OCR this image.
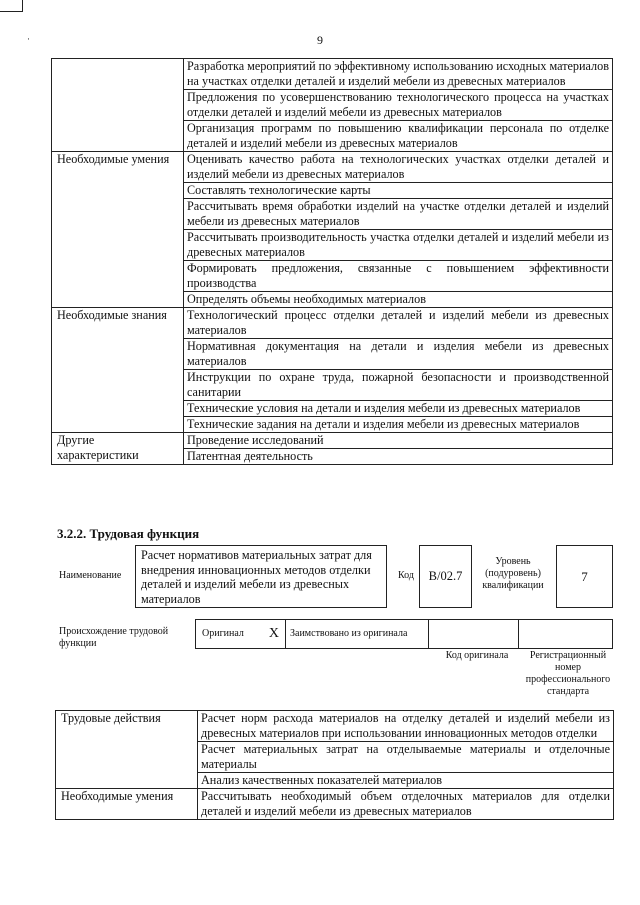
·	9
	Разработка мероприятий по эффективному использованию исходных материалов на участках отделки деталей и изделий мебели из древесных материалов
	Предложения по усовершенствованию технологического процесса на участках отделки деталей и изделий мебели из древесных материалов
	Организация программ по повышению квалификации персонала по отделке деталей и изделий мебели из древесных материалов
Необходимые умения	Оценивать качество работа на технологических участках отделки деталей и изделий мебели из древесных материалов
	Составлять технологические карты
	Рассчитывать время обработки изделий на участке отделки деталей и изделий мебели из древесных материалов
	Рассчитывать производительность участка отделки деталей и изделий мебели из древесных материалов
	Формировать предложения, связанные с повышением эффективности производства
	Определять объемы необходимых материалов
Необходимые знания	Технологический процесс отделки деталей и изделий мебели из древесных материалов
	Нормативная документация на детали и изделия мебели из древесных материалов
	Инструкции по охране труда, пожарной безопасности и производственной санитарии
	Технические условия на детали и изделия мебели из древесных материалов
	Технические задания на детали и изделия мебели из древесных материалов
Другие характеристики	Проведение исследований
	Патентная деятельность
3.2.2. Трудовая функция
Наименование
Расчет нормативов материальных затрат для внедрения инновационных методов отделки деталей и изделий мебели из древесных материалов
Код	B/02.7
Уровень (подуровень) квалификации
7
Происхождение трудовой функции
Оригинал X	Заимствовано из оригинала
Код оригинала	Регистрационный номер профессионального стандарта
Трудовые действия	Расчет норм расхода материалов на отделку деталей и изделий мебели из древесных материалов при использовании инновационных методов отделки
	Расчет материальных затрат на отделываемые материалы и отделочные материалы
	Анализ качественных показателей материалов
Необходимые умения	Рассчитывать необходимый объем отделочных материалов для отделки деталей и изделий мебели из древесных материалов
